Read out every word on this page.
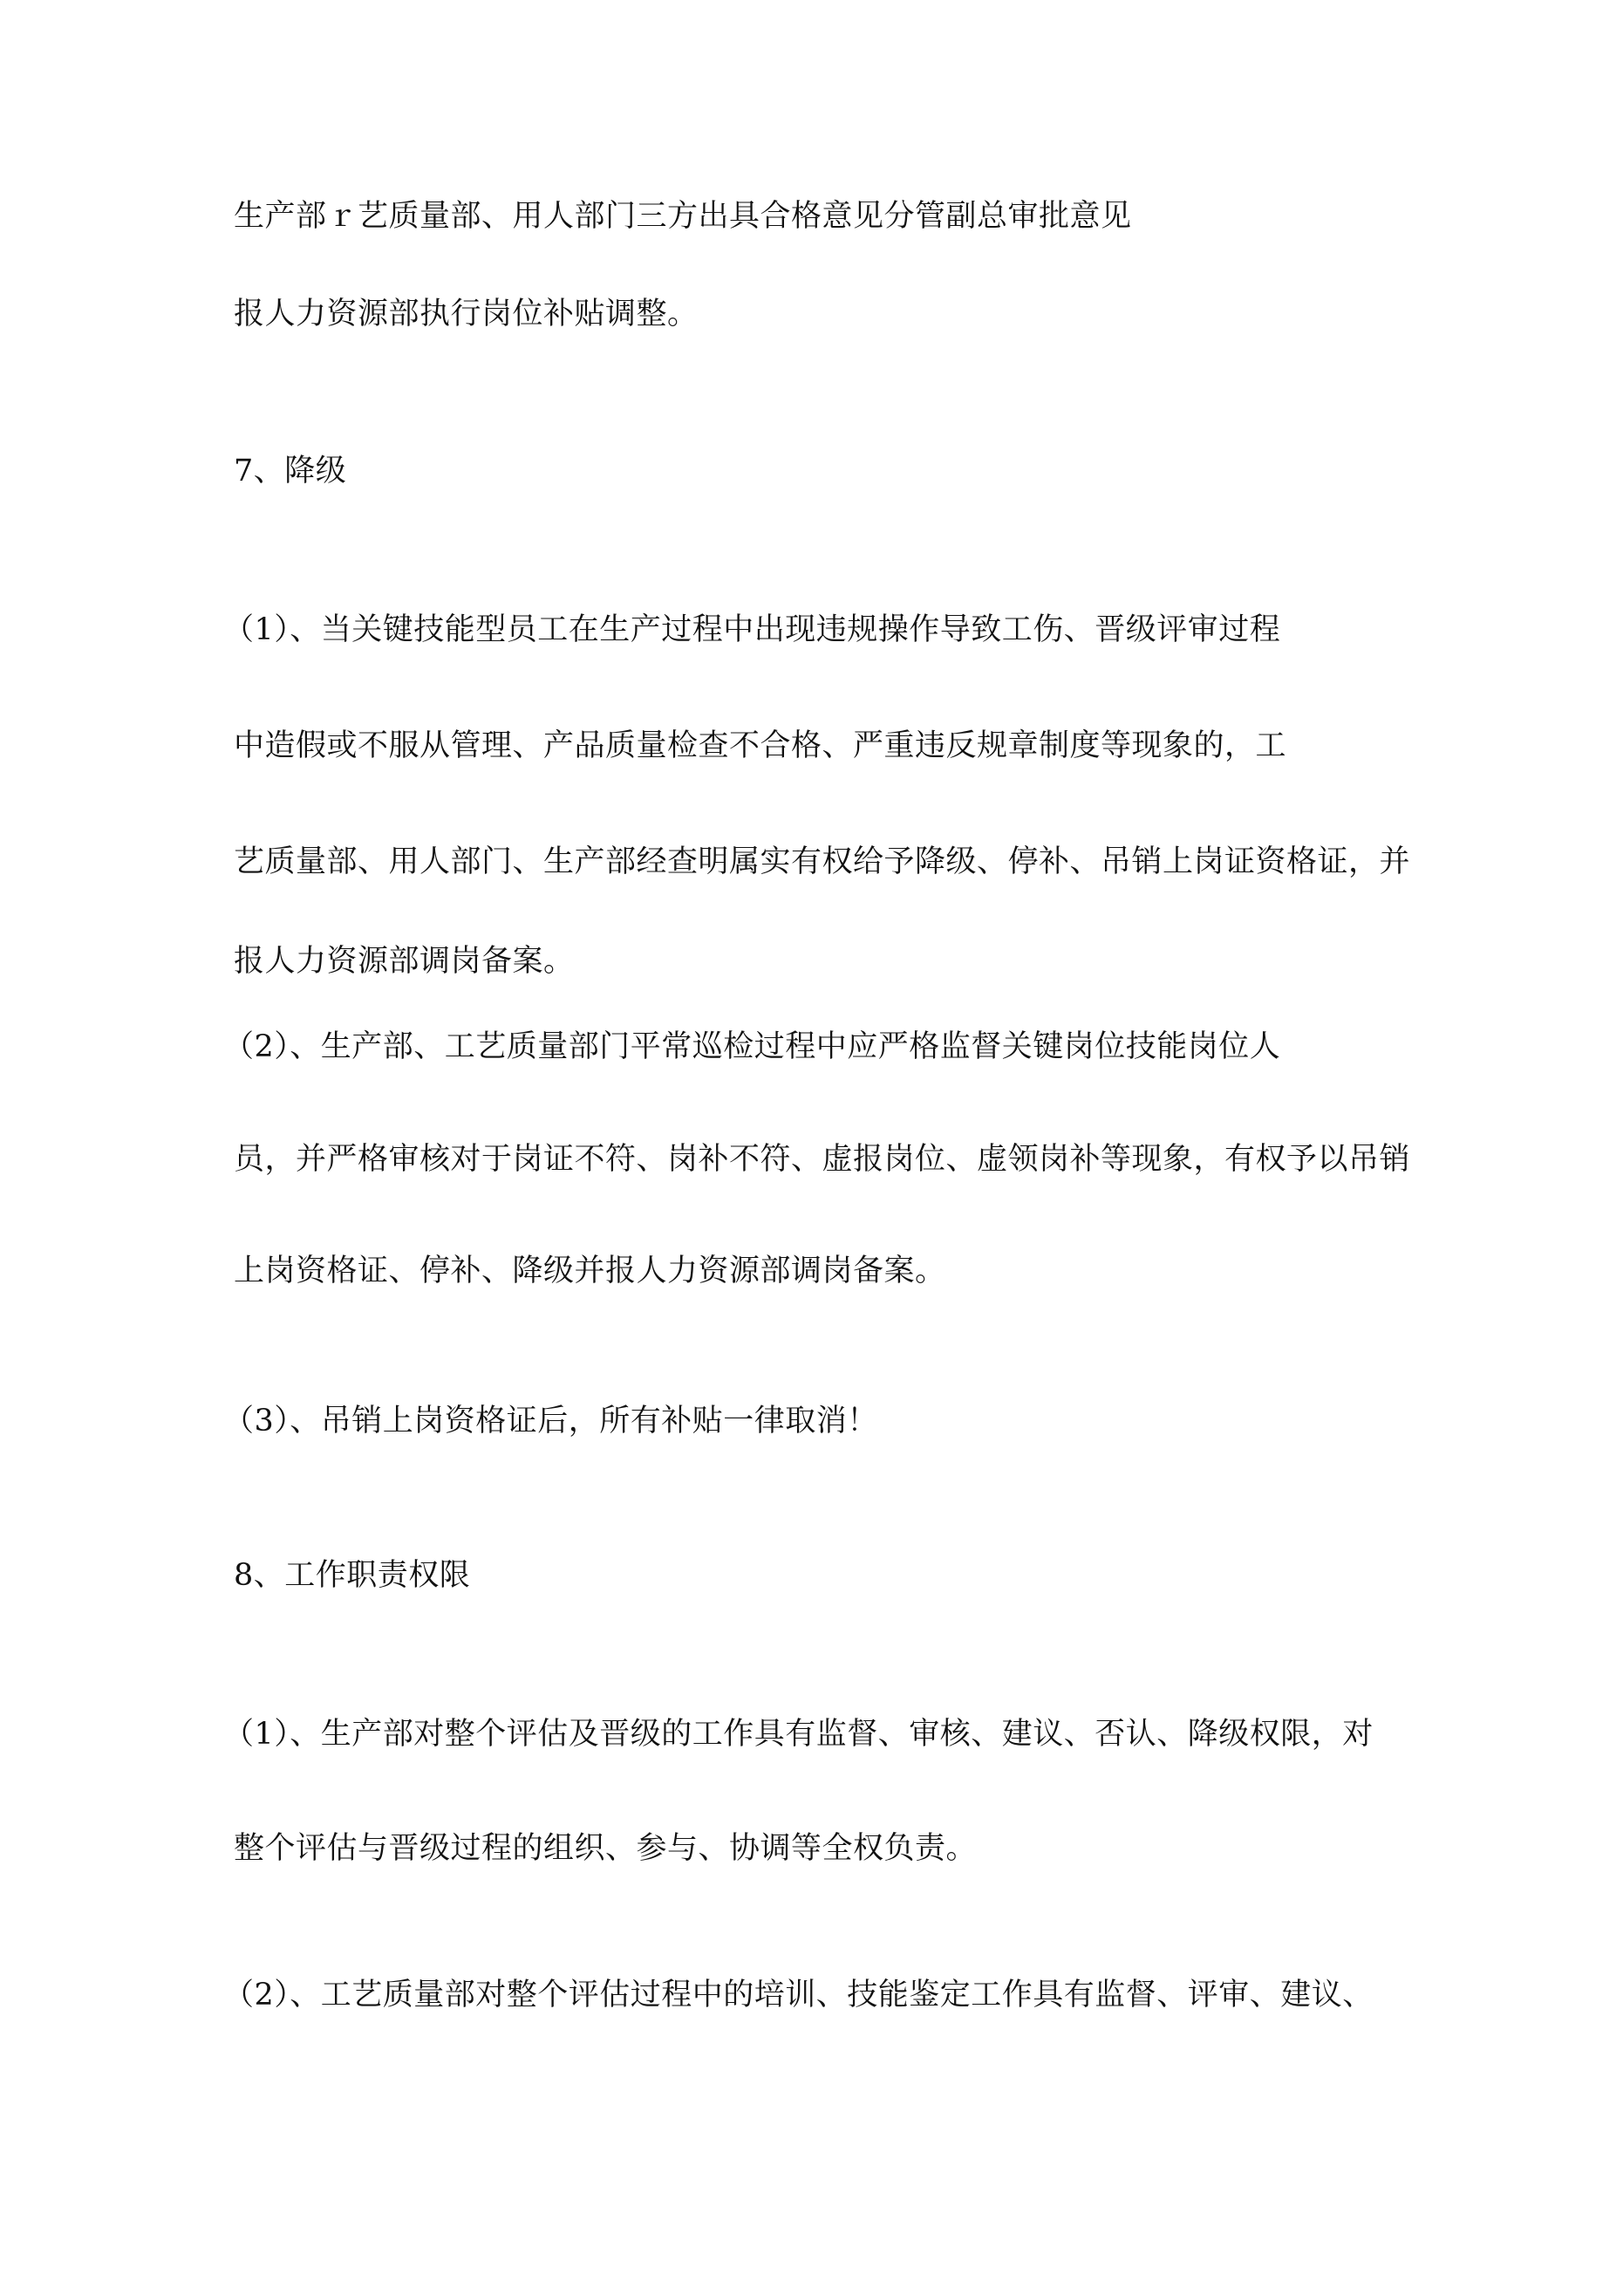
生产部ｒ艺质量部、用人部门三方出具合格意见分管副总审批意见
报人力资源部执行岗位补贴调整。
7、降级
（1）、当关键技能型员工在生产过程中出现违规操作导致工伤、晋级评审过程
中造假或不服从管理、产品质量检查不合格、严重违反规章制度等现象的，工
艺质量部、用人部门、生产部经查明属实有权给予降级、停补、吊销上岗证资格证，并
报人力资源部调岗备案。
（2）、生产部、工艺质量部门平常巡检过程中应严格监督关键岗位技能岗位人
员，并严格审核对于岗证不符、岗补不符、虚报岗位、虚领岗补等现象，有权予以吊销
上岗资格证、停补、降级并报人力资源部调岗备案。
（3）、吊销上岗资格证后，所有补贴一律取消！
8、工作职责权限
（1）、生产部对整个评估及晋级的工作具有监督、审核、建议、否认、降级权限，对
整个评估与晋级过程的组织、参与、协调等全权负责。
（2）、工艺质量部对整个评估过程中的培训、技能鉴定工作具有监督、评审、建议、
